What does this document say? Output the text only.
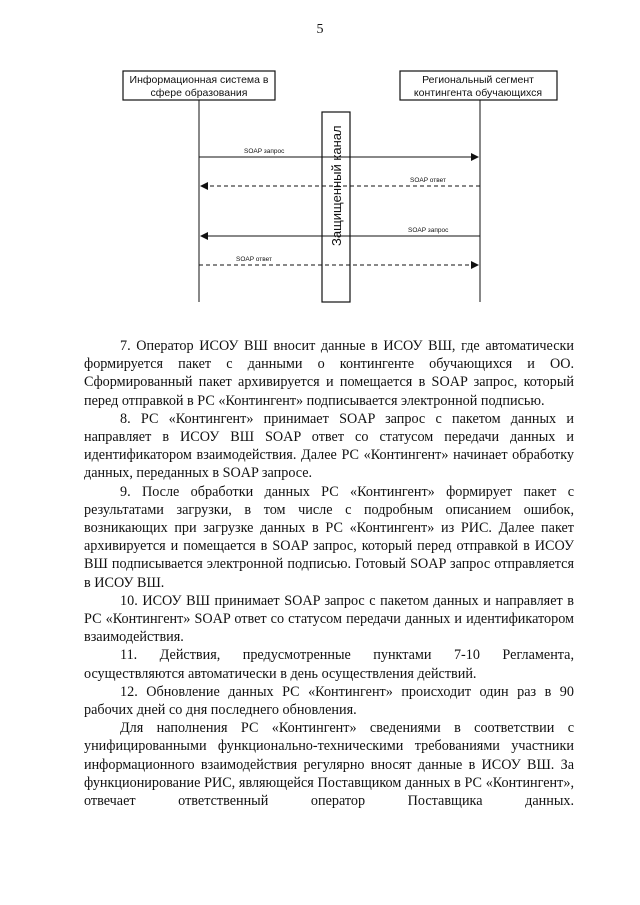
5
Информационная система в
сфере образования
Региональный сегмент
контингента обучающихся
Защищенный канал
SOAP запрос
SOAP ответ
SOAP запрос
SOAP ответ

7. Оператор ИСОУ ВШ вносит данные в ИСОУ ВШ, где автоматически формируется пакет с данными о контингенте обучающихся и ОО. Сформированный пакет архивируется и помещается в SOAP запрос, который перед отправкой в РС «Контингент» подписывается электронной подписью.

8. РС «Контингент» принимает SOAP запрос с пакетом данных и направляет в ИСОУ ВШ SOAP ответ со статусом передачи данных и идентификатором взаимодействия. Далее РС «Контингент» начинает обработку данных, переданных в SOAP запросе.

9. После обработки данных РС «Контингент» формирует пакет с результатами загрузки, в том числе с подробным описанием ошибок, возникающих при загрузке данных в РС «Контингент» из РИС. Далее пакет архивируется и помещается в SOAP запрос, который перед отправкой в ИСОУ ВШ подписывается электронной подписью. Готовый SOAP запрос отправляется в ИСОУ ВШ.

10. ИСОУ ВШ принимает SOAP запрос с пакетом данных и направляет в РС «Контингент» SOAP ответ со статусом передачи данных и идентификатором взаимодействия.

11. Действия, предусмотренные пунктами 7-10 Регламента, осуществляются автоматически в день осуществления действий.

12. Обновление данных РС «Контингент» происходит один раз в 90 рабочих дней со дня последнего обновления.

Для наполнения РС «Контингент» сведениями в соответствии с унифицированными функционально-техническими требованиями участники информационного взаимодействия регулярно вносят данные в ИСОУ ВШ. За функционирование РИС, являющейся Поставщиком данных в РС «Контингент», отвечает ответственный оператор Поставщика данных.
